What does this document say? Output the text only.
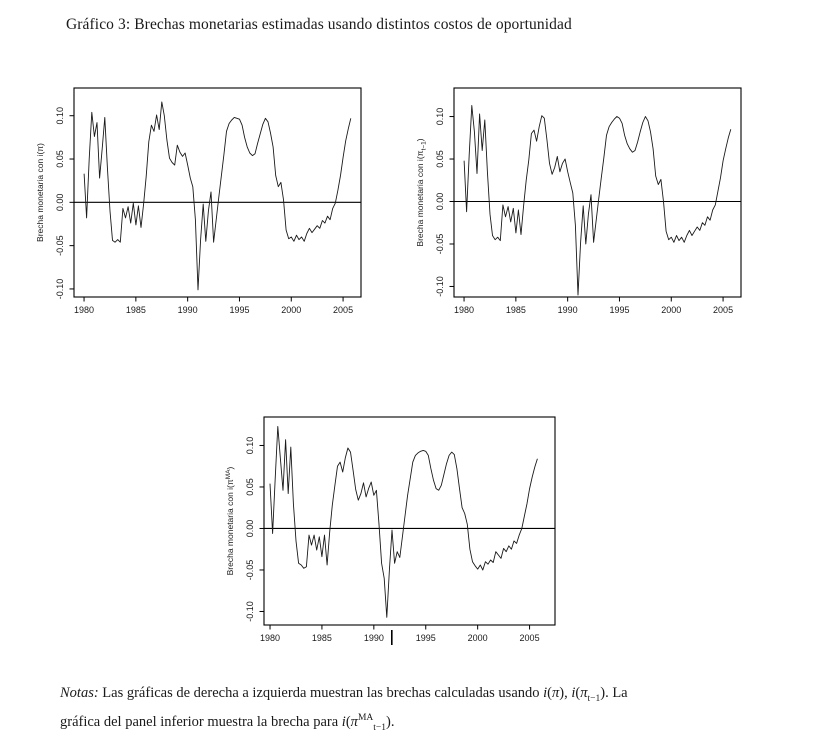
Gráfico 3: Brechas monetarias estimadas usando distintos costos de oportunidad
1980	1985	1990	1995	2000	2005
0.10
0.05
0.00
-0.05
-0.10
Brecha monetaria con i(π)
1980	1985	1990	1995	2000	2005
0.10
0.05
0.00
-0.05
-0.10
Brecha monetaria con $i(\pi_{t-1})$
1980	1985	1990	1995	2000	2005
0.10
0.05
0.00
-0.05
-0.10
Brecha monetaria con $i(\pi^{MA})$
Notas: Las gráficas de derecha a izquierda muestran las brechas calculadas usando i(π), $i(\pi_{t-1})$. La
gráfica del panel inferior muestra la brecha para $i(\pi^{MA}_{t-1})$.
